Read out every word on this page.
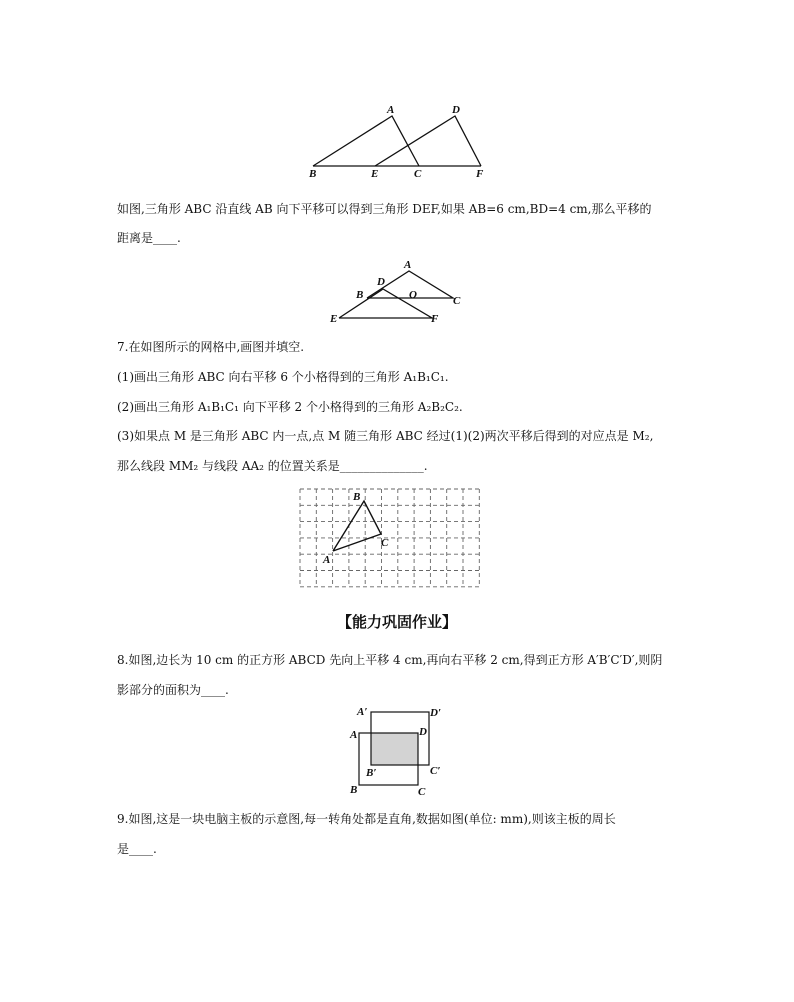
A	D
B	E	C	F
如图,三角形 ABC 沿直线 AB 向下平移可以得到三角形 DEF,如果 AB=6 cm,BD=4 cm,那么平移的
距离是____.
A
D
B	O	C
E	F
7.在如图所示的网格中,画图并填空.
(1)画出三角形 ABC 向右平移 6 个小格得到的三角形 A₁B₁C₁.
(2)画出三角形 A₁B₁C₁ 向下平移 2 个小格得到的三角形 A₂B₂C₂.
(3)如果点 M 是三角形 ABC 内一点,点 M 随三角形 ABC 经过(1)(2)两次平移后得到的对应点是 M₂,
那么线段 MM₂ 与线段 AA₂ 的位置关系是______________.
B
C
A
【能力巩固作业】
8.如图,边长为 10 cm 的正方形 ABCD 先向上平移 4 cm,再向右平移 2 cm,得到正方形 A′B′C′D′,则阴
影部分的面积为____.
A′	D′
A	D
B′	C′
B	C
9.如图,这是一块电脑主板的示意图,每一转角处都是直角,数据如图(单位: mm),则该主板的周长
是____.
